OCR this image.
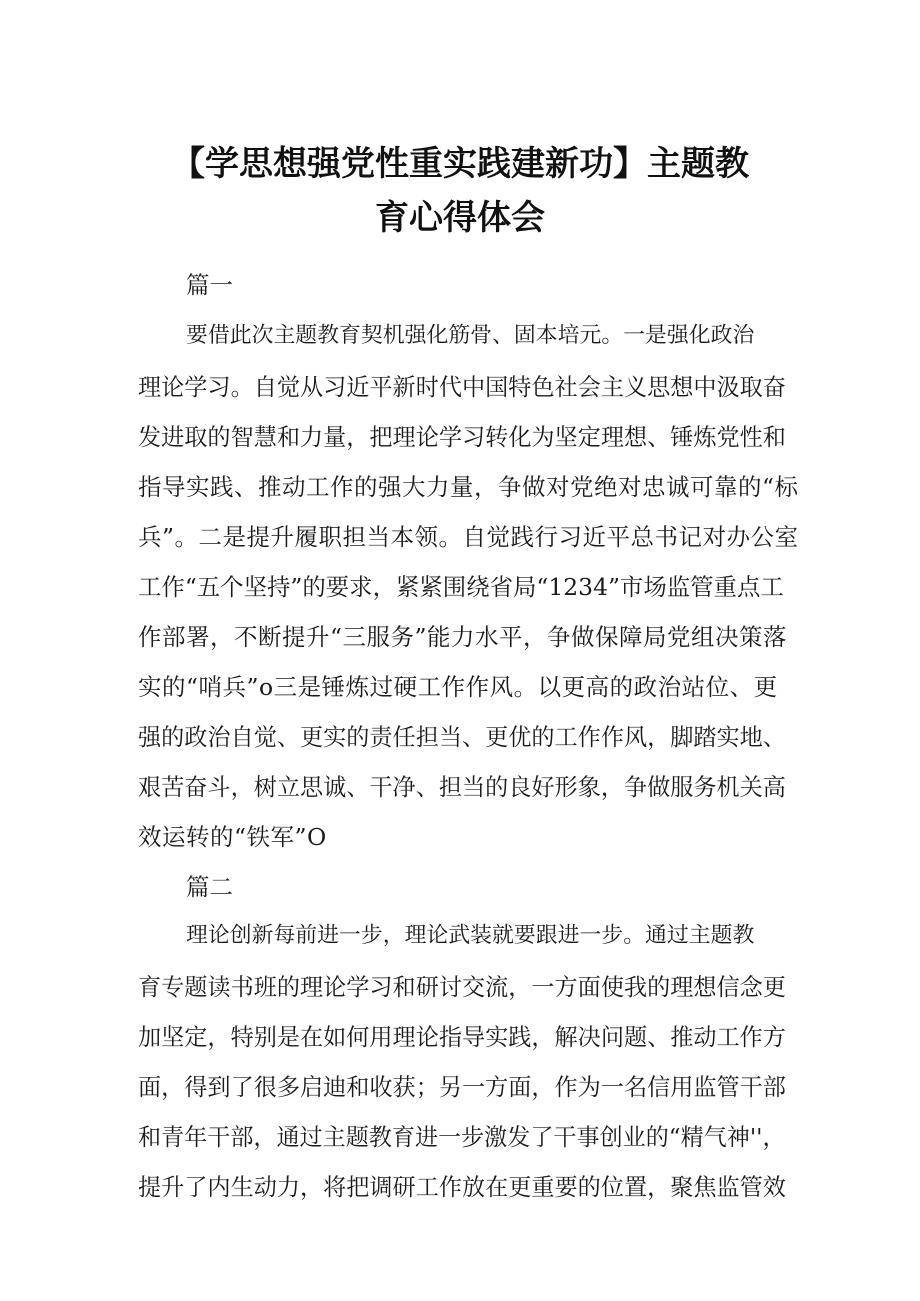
【学思想强党性重实践建新功】主题教
育心得体会

篇一

要借此次主题教育契机强化筋骨、固本培元。一是强化政治

理论学习。自觉从习近平新时代中国特色社会主义思想中汲取奋

发进取的智慧和力量，把理论学习转化为坚定理想、锤炼党性和

指导实践、推动工作的强大力量，争做对党绝对忠诚可靠的“标

兵”。二是提升履职担当本领。自觉践行习近平总书记对办公室

工作“五个坚持”的要求，紧紧围绕省局“1234”市场监管重点工

作部署，不断提升“三服务”能力水平，争做保障局党组决策落

实的“哨兵”o三是锤炼过硬工作作风。以更高的政治站位、更

强的政治自觉、更实的责任担当、更优的工作作风，脚踏实地、

艰苦奋斗，树立思诚、干净、担当的良好形象，争做服务机关高

效运转的“铁军”O

篇二

理论创新每前进一步，理论武装就要跟进一步。通过主题教

育专题读书班的理论学习和研讨交流，一方面使我的理想信念更

加坚定，特别是在如何用理论指导实践，解决问题、推动工作方

面，得到了很多启迪和收获；另一方面，作为一名信用监管干部

和青年干部，通过主题教育进一步激发了干事创业的“精气神''，

提升了内生动力，将把调研工作放在更重要的位置，聚焦监管效
